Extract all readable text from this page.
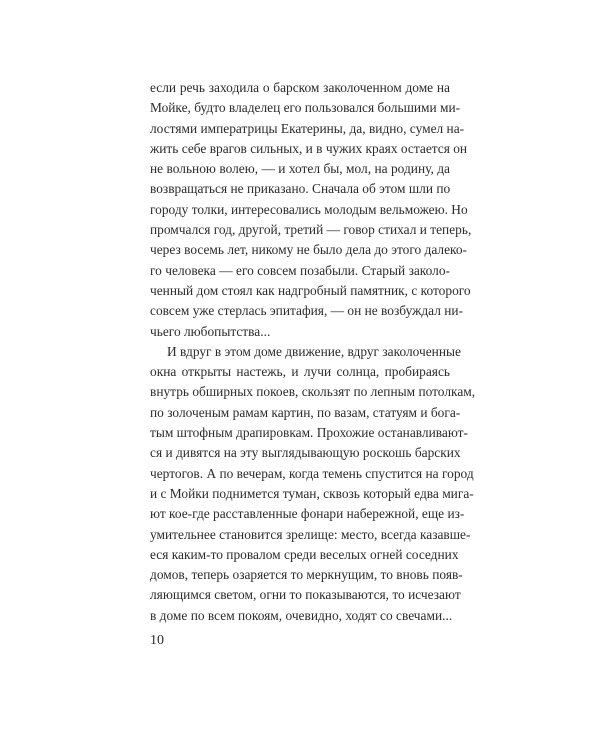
если речь заходила о барском заколоченном доме на
Мойке, будто владелец его пользовался большими ми-
лостями императрицы Екатерины, да, видно, сумел на-
жить себе врагов сильных, и в чужих краях остается он
не вольною волею, — и хотел бы, мол, на родину, да
возвращаться не приказано. Сначала об этом шли по
городу толки, интересовались молодым вельможею. Но
промчался год, другой, третий — говор стихал и теперь,
через восемь лет, никому не было дела до этого далеко-
го человека — его совсем позабыли. Старый заколо-
ченный дом стоял как надгробный памятник, с которого
совсем уже стерлась эпитафия, — он не возбуждал ни-
чьего любопытства...
И вдруг в этом доме движение, вдруг заколоченные
окна открыты настежь, и лучи солнца, пробираясь
внутрь обширных покоев, скользят по лепным потолкам,
по золоченым рамам картин, по вазам, статуям и бога-
тым штофным драпировкам. Прохожие останавливают-
ся и дивятся на эту выглядывающую роскошь барских
чертогов. А по вечерам, когда темень спустится на город
и с Мойки поднимется туман, сквозь который едва мига-
ют кое-где расставленные фонари набережной, еще из-
умительнее становится зрелище: место, всегда казавше-
еся каким-то провалом среди веселых огней соседних
домов, теперь озаряется то меркнущим, то вновь появ-
ляющимся светом, огни то показываются, то исчезают
в доме по всем покоям, очевидно, ходят со свечами...
10
